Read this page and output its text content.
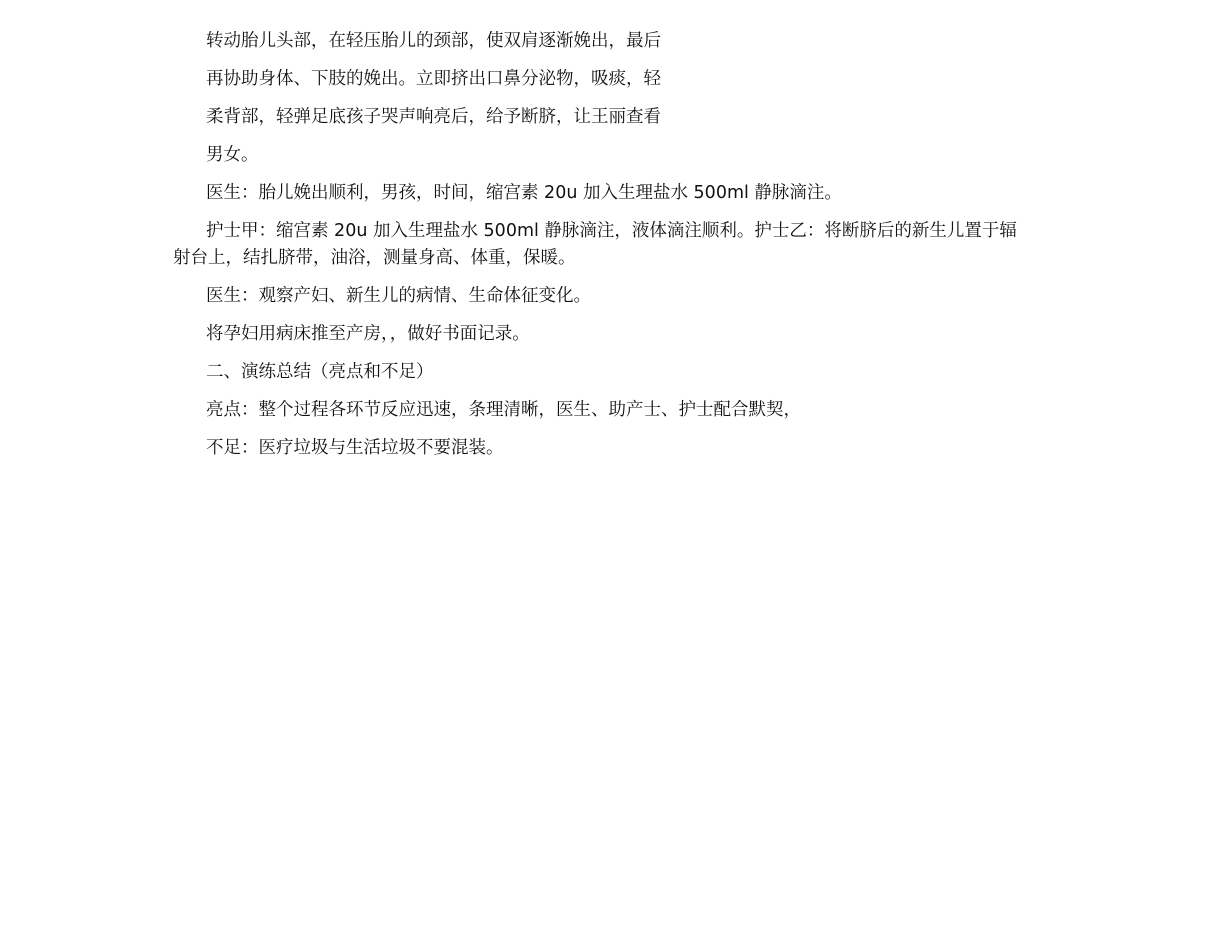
转动胎儿头部，在轻压胎儿的颈部，使双肩逐渐娩出，最后

再协助身体、下肢的娩出。立即挤出口鼻分泌物，吸痰，轻

柔背部，轻弹足底孩子哭声响亮后，给予断脐，让王丽查看

男女。

医生：胎儿娩出顺利，男孩，时间，缩宫素 20u 加入生理盐水 500ml 静脉滴注。

护士甲：缩宫素 20u 加入生理盐水 500ml 静脉滴注，液体滴注顺利。护士乙：将断脐后的新生儿置于辐射台上，结扎脐带，油浴，测量身高、体重，保暖。

医生：观察产妇、新生儿的病情、生命体征变化。

将孕妇用病床推至产房，，做好书面记录。

二、演练总结（亮点和不足）

亮点：整个过程各环节反应迅速，条理清晰，医生、助产士、护士配合默契，

不足：医疗垃圾与生活垃圾不要混装。
